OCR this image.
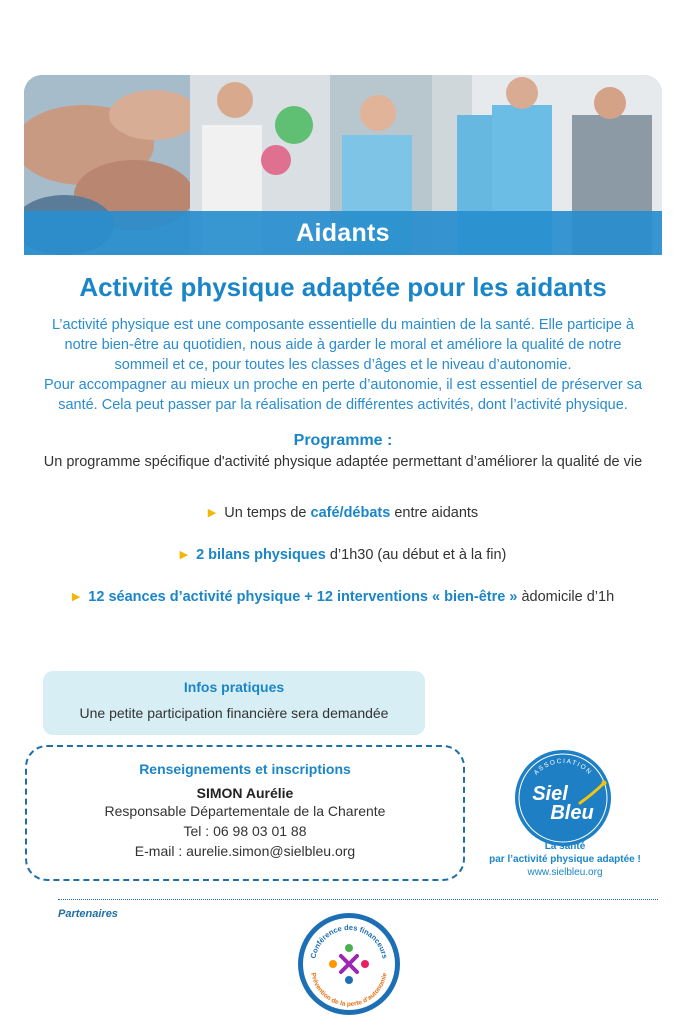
Aidants
Activité physique adaptée pour les aidants

L’activité physique est une composante essentielle du maintien de la santé. Elle participe à

notre bien-être au quotidien, nous aide à garder le moral et améliore la qualité de notre

sommeil et ce, pour toutes les classes d’âges et le niveau d’autonomie.

Pour accompagner au mieux un proche en perte d’autonomie, il est essentiel de préserver sa

santé. Cela peut passer par la réalisation de différentes activités, dont l’activité physique.

Programme :
Un programme spécifique d'activité physique adaptée permettant d’améliorer la qualité de vie
▶ Un temps de café/débats entre aidants
▶ 2 bilans physiques d’1h30 (au début et à la fin)
▶ 12 séances d’activité physique + 12 interventions « bien-être » àdomicile d’1h
Infos pratiques
Une petite participation financière sera demandée
Renseignements et inscriptions
SIMON Aurélie
Responsable Départementale de la Charente
Tel : 06 98 03 01 88
E-mail : aurelie.simon@sielbleu.org
ASSOCIATION
Siel
Bleu
La santé
par l’activité physique adaptée !
www.sielbleu.org
Partenaires
Conférence des financeurs
Prévention de la perte d’autonomie
